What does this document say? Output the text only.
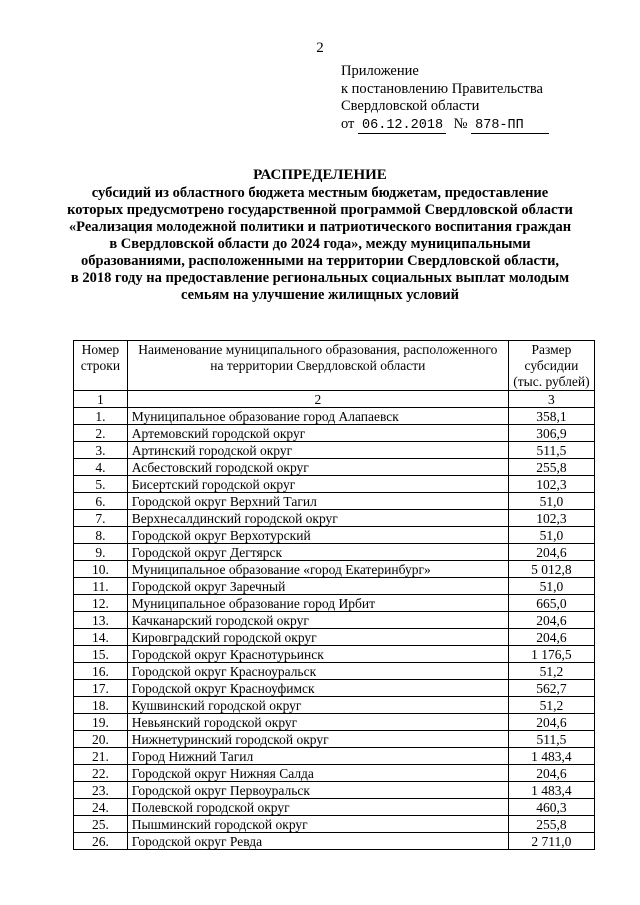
2
Приложение
к постановлению Правительства
Свердловской области
от 06.12.2018 № 878-ПП
РАСПРЕДЕЛЕНИЕ
субсидий из областного бюджета местным бюджетам, предоставление
которых предусмотрено государственной программой Свердловской области
«Реализация молодежной политики и патриотического воспитания граждан
в Свердловской области до 2024 года», между муниципальными
образованиями, расположенными на территории Свердловской области,
в 2018 году на предоставление региональных социальных выплат молодым
семьям на улучшение жилищных условий
Номер строки	Наименование муниципального образования, расположенного на территории Свердловской области	Размер субсидии (тыс. рублей)
1	2	3
1.	Муниципальное образование город Алапаевск	358,1
2.	Артемовский городской округ	306,9
3.	Артинский городской округ	511,5
4.	Асбестовский городской округ	255,8
5.	Бисертский городской округ	102,3
6.	Городской округ Верхний Тагил	51,0
7.	Верхнесалдинский городской округ	102,3
8.	Городской округ Верхотурский	51,0
9.	Городской округ Дегтярск	204,6
10.	Муниципальное образование «город Екатеринбург»	5 012,8
11.	Городской округ Заречный	51,0
12.	Муниципальное образование город Ирбит	665,0
13.	Качканарский городской округ	204,6
14.	Кировградский городской округ	204,6
15.	Городской округ Краснотурьинск	1 176,5
16.	Городской округ Красноуральск	51,2
17.	Городской округ Красноуфимск	562,7
18.	Кушвинский городской округ	51,2
19.	Невьянский городской округ	204,6
20.	Нижнетуринский городской округ	511,5
21.	Город Нижний Тагил	1 483,4
22.	Городской округ Нижняя Салда	204,6
23.	Городской округ Первоуральск	1 483,4
24.	Полевской городской округ	460,3
25.	Пышминский городской округ	255,8
26.	Городской округ Ревда	2 711,0
